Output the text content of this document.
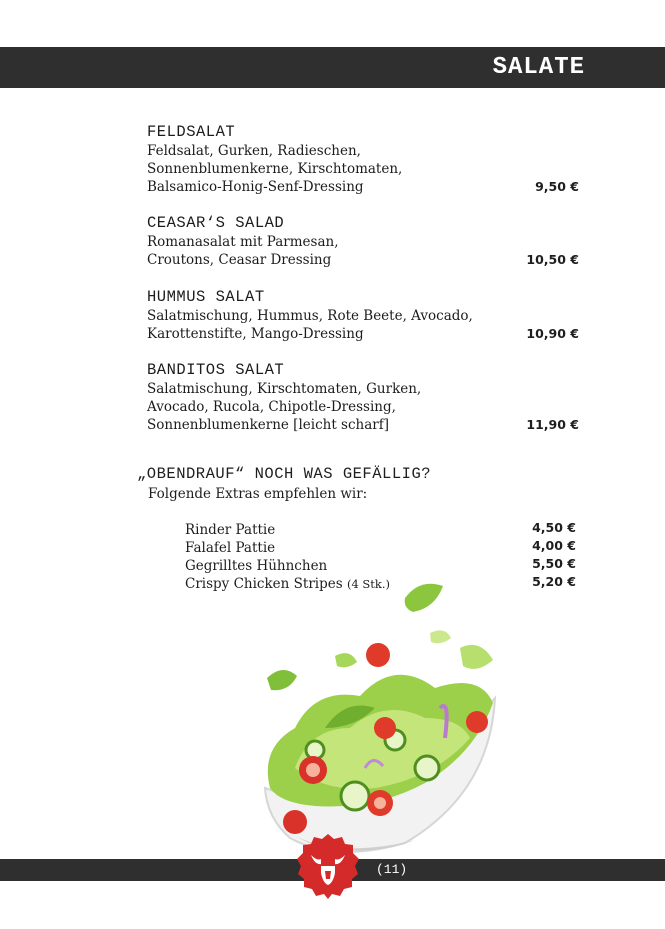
SALATE
FELDSALAT
Feldsalat, Gurken, Radieschen,
Sonnenblumenkerne, Kirschtomaten,
Balsamico-Honig-Senf-Dressing	9,50 €
CEASAR‘S SALAD
Romanasalat mit Parmesan,
Croutons, Ceasar Dressing	10,50 €
HUMMUS SALAT
Salatmischung, Hummus, Rote Beete, Avocado,
Karottenstifte, Mango-Dressing	10,90 €
BANDITOS SALAT
Salatmischung, Kirschtomaten, Gurken,
Avocado, Rucola, Chipotle-Dressing,
Sonnenblumenkerne [leicht scharf]	11,90 €
„OBENDRAUF“ NOCH WAS GEFÄLLIG?
Folgende Extras empfehlen wir:
Rinder Pattie	4,50 €
Falafel Pattie	4,00 €
Gegrilltes Hühnchen	5,50 €
Crispy Chicken Stripes (4 Stk.)	5,20 €
(11)
